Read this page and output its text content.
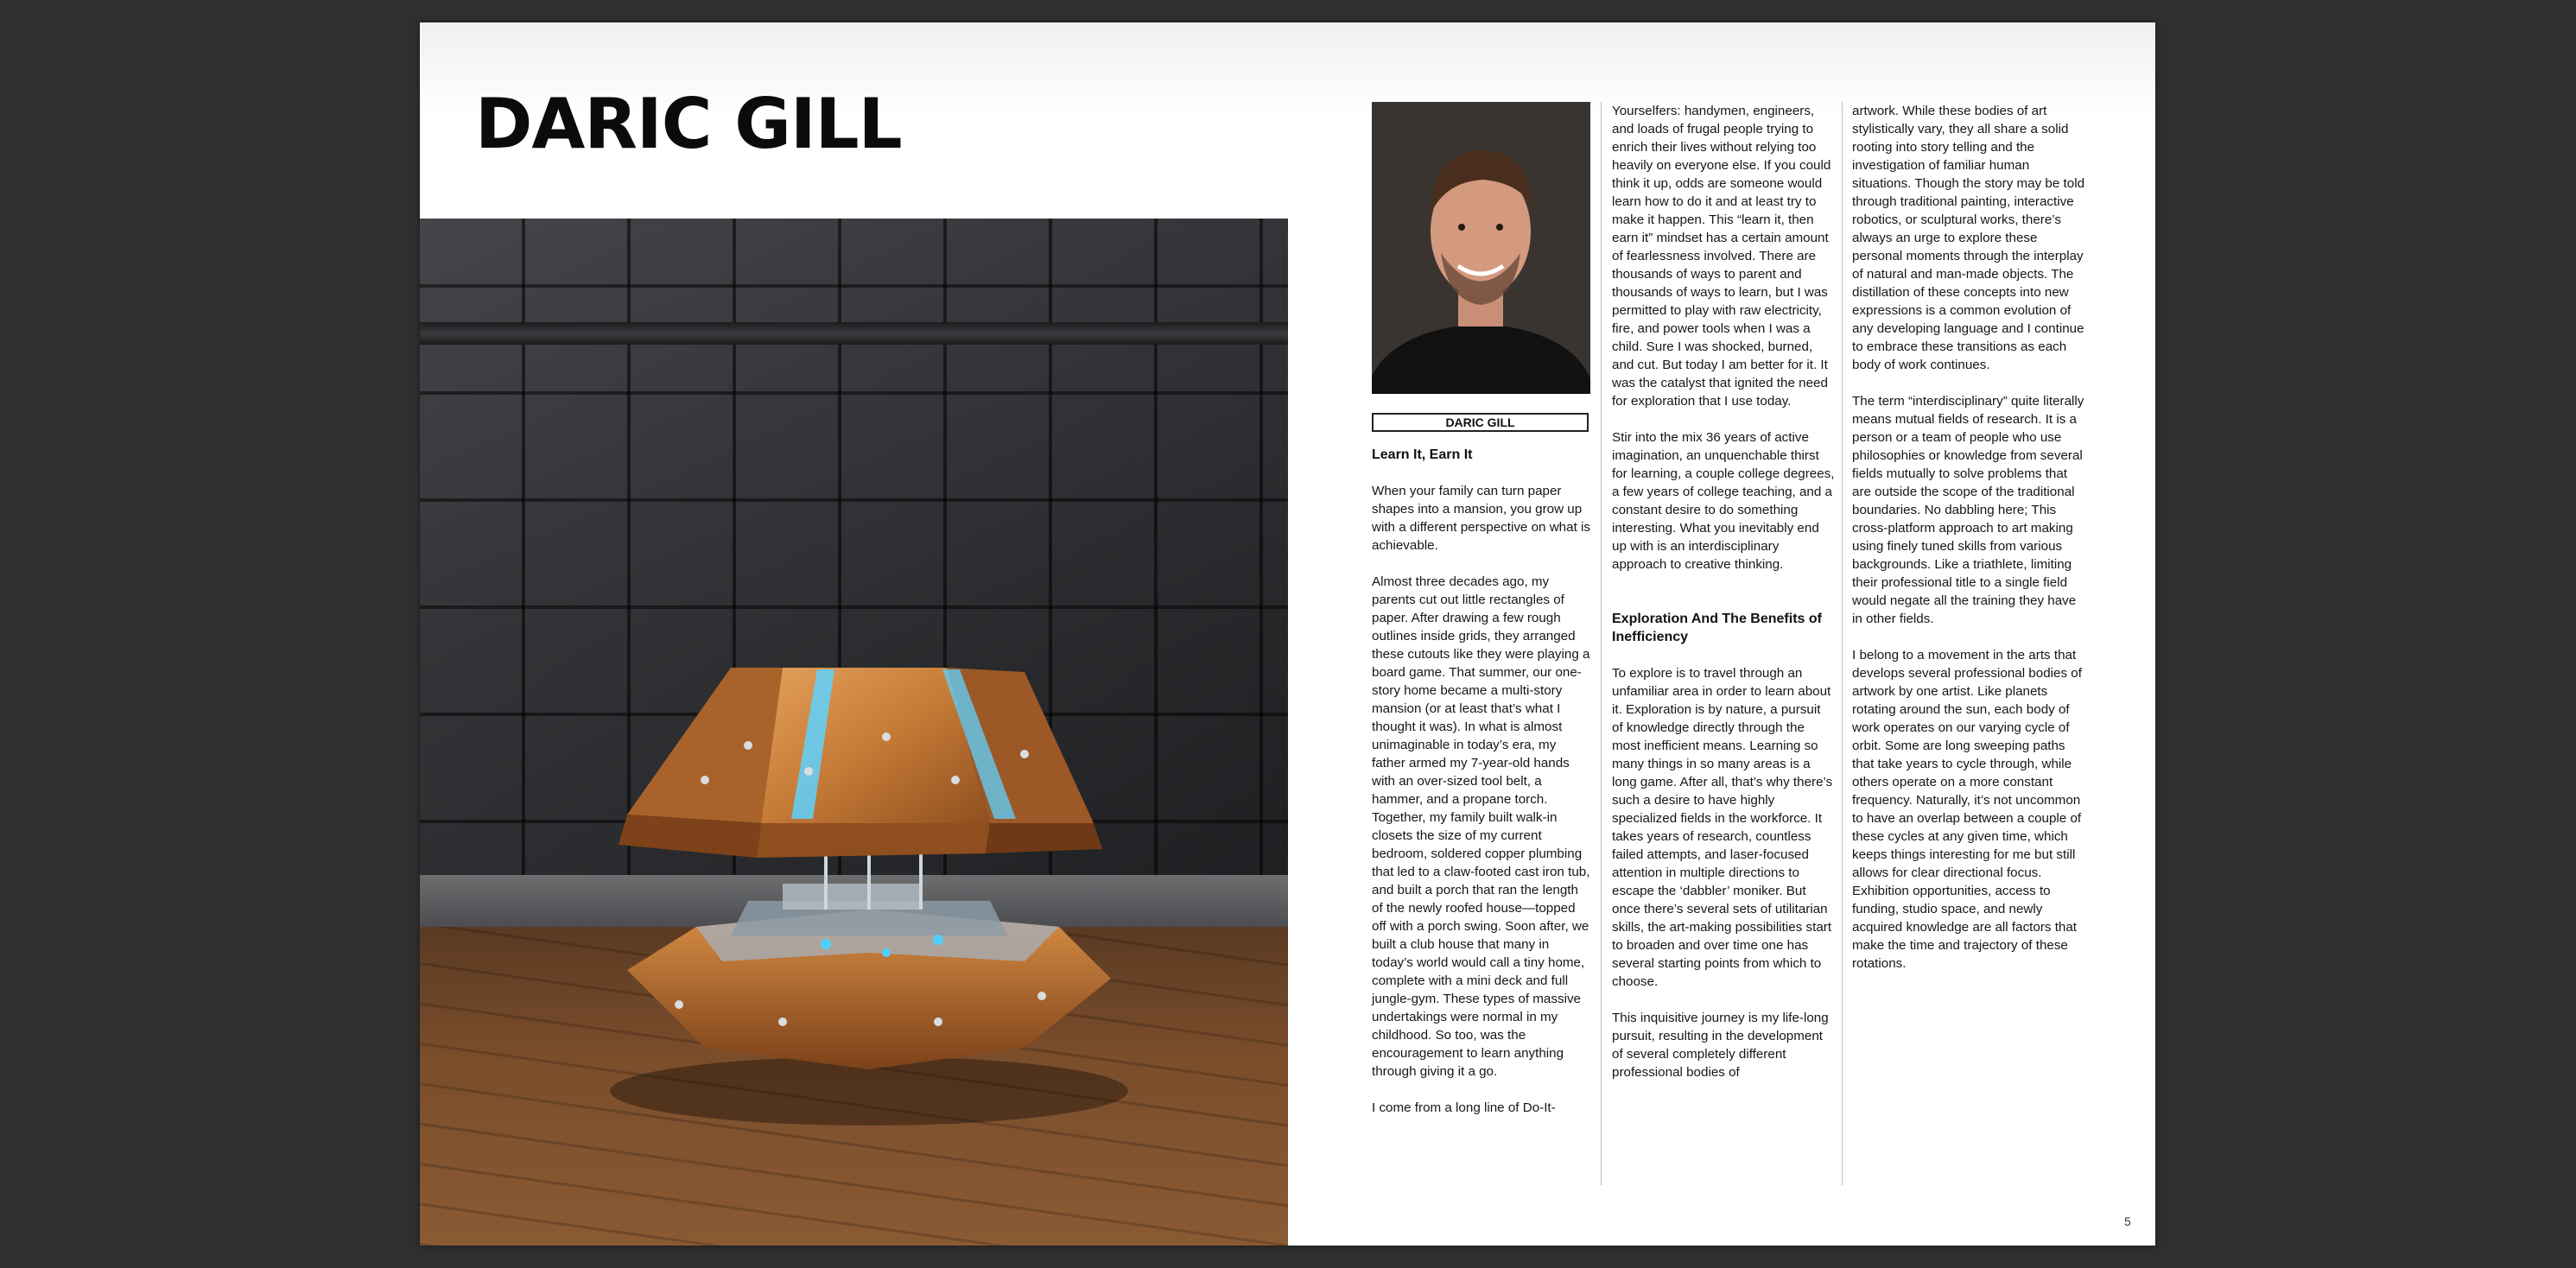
DARIC GILL
DARIC GILL
Learn It, Earn It

When your family can turn paper shapes into a mansion, you grow up with a different perspective on what is achievable.

Almost three decades ago, my parents cut out little rectangles of paper. After drawing a few rough outlines inside grids, they arranged these cutouts like they were playing a board game. That summer, our one-story home became a multi-story mansion (or at least that’s what I thought it was). In what is almost unimaginable in today’s era, my father armed my 7-year-old hands with an over-sized tool belt, a hammer, and a propane torch. Together, my family built walk-in closets the size of my current bedroom, soldered copper plumbing that led to a claw-footed cast iron tub, and built a porch that ran the length of the newly roofed house—topped off with a porch swing. Soon after, we built a club house that many in today’s world would call a tiny home, complete with a mini deck and full jungle-gym. These types of massive undertakings were normal in my childhood. So too, was the encouragement to learn anything through giving it a go.

I come from a long line of Do-It-

Yourselfers: handymen, engineers, and loads of frugal people trying to enrich their lives without relying too heavily on everyone else. If you could think it up, odds are someone would learn how to do it and at least try to make it happen. This “learn it, then earn it” mindset has a certain amount of fearlessness involved. There are thousands of ways to parent and thousands of ways to learn, but I was permitted to play with raw electricity, fire, and power tools when I was a child. Sure I was shocked, burned, and cut. But today I am better for it. It was the catalyst that ignited the need for exploration that I use today.

Stir into the mix 36 years of active imagination, an unquenchable thirst for learning, a couple college degrees, a few years of college teaching, and a constant desire to do something interesting. What you inevitably end up with is an interdisciplinary approach to creative thinking.

Exploration And The Benefits of Inefficiency

To explore is to travel through an unfamiliar area in order to learn about it. Exploration is by nature, a pursuit of knowledge directly through the most inefficient means. Learning so many things in so many areas is a long game. After all, that’s why there’s such a desire to have highly specialized fields in the workforce. It takes years of research, countless failed attempts, and laser-focused attention in multiple directions to escape the ‘dabbler’ moniker. But once there’s several sets of utilitarian skills, the art-making possibilities start to broaden and over time one has several starting points from which to choose.

This inquisitive journey is my life-long pursuit, resulting in the development of several completely different professional bodies of

artwork. While these bodies of art stylistically vary, they all share a solid rooting into story telling and the investigation of familiar human situations. Though the story may be told through traditional painting, interactive robotics, or sculptural works, there’s always an urge to explore these personal moments through the interplay of natural and man-made objects. The distillation of these concepts into new expressions is a common evolution of any developing language and I continue to embrace these transitions as each body of work continues.

The term “interdisciplinary” quite literally means mutual fields of research. It is a person or a team of people who use philosophies or knowledge from several fields mutually to solve problems that are outside the scope of the traditional boundaries. No dabbling here; This cross-platform approach to art making using finely tuned skills from various backgrounds. Like a triathlete, limiting their professional title to a single field would negate all the training they have in other fields.

I belong to a movement in the arts that develops several professional bodies of artwork by one artist. Like planets rotating around the sun, each body of work operates on our varying cycle of orbit. Some are long sweeping paths that take years to cycle through, while others operate on a more constant frequency. Naturally, it’s not uncommon to have an overlap between a couple of these cycles at any given time, which keeps things interesting for me but still allows for clear directional focus. Exhibition opportunities, access to funding, studio space, and newly acquired knowledge are all factors that make the time and trajectory of these rotations.

5
